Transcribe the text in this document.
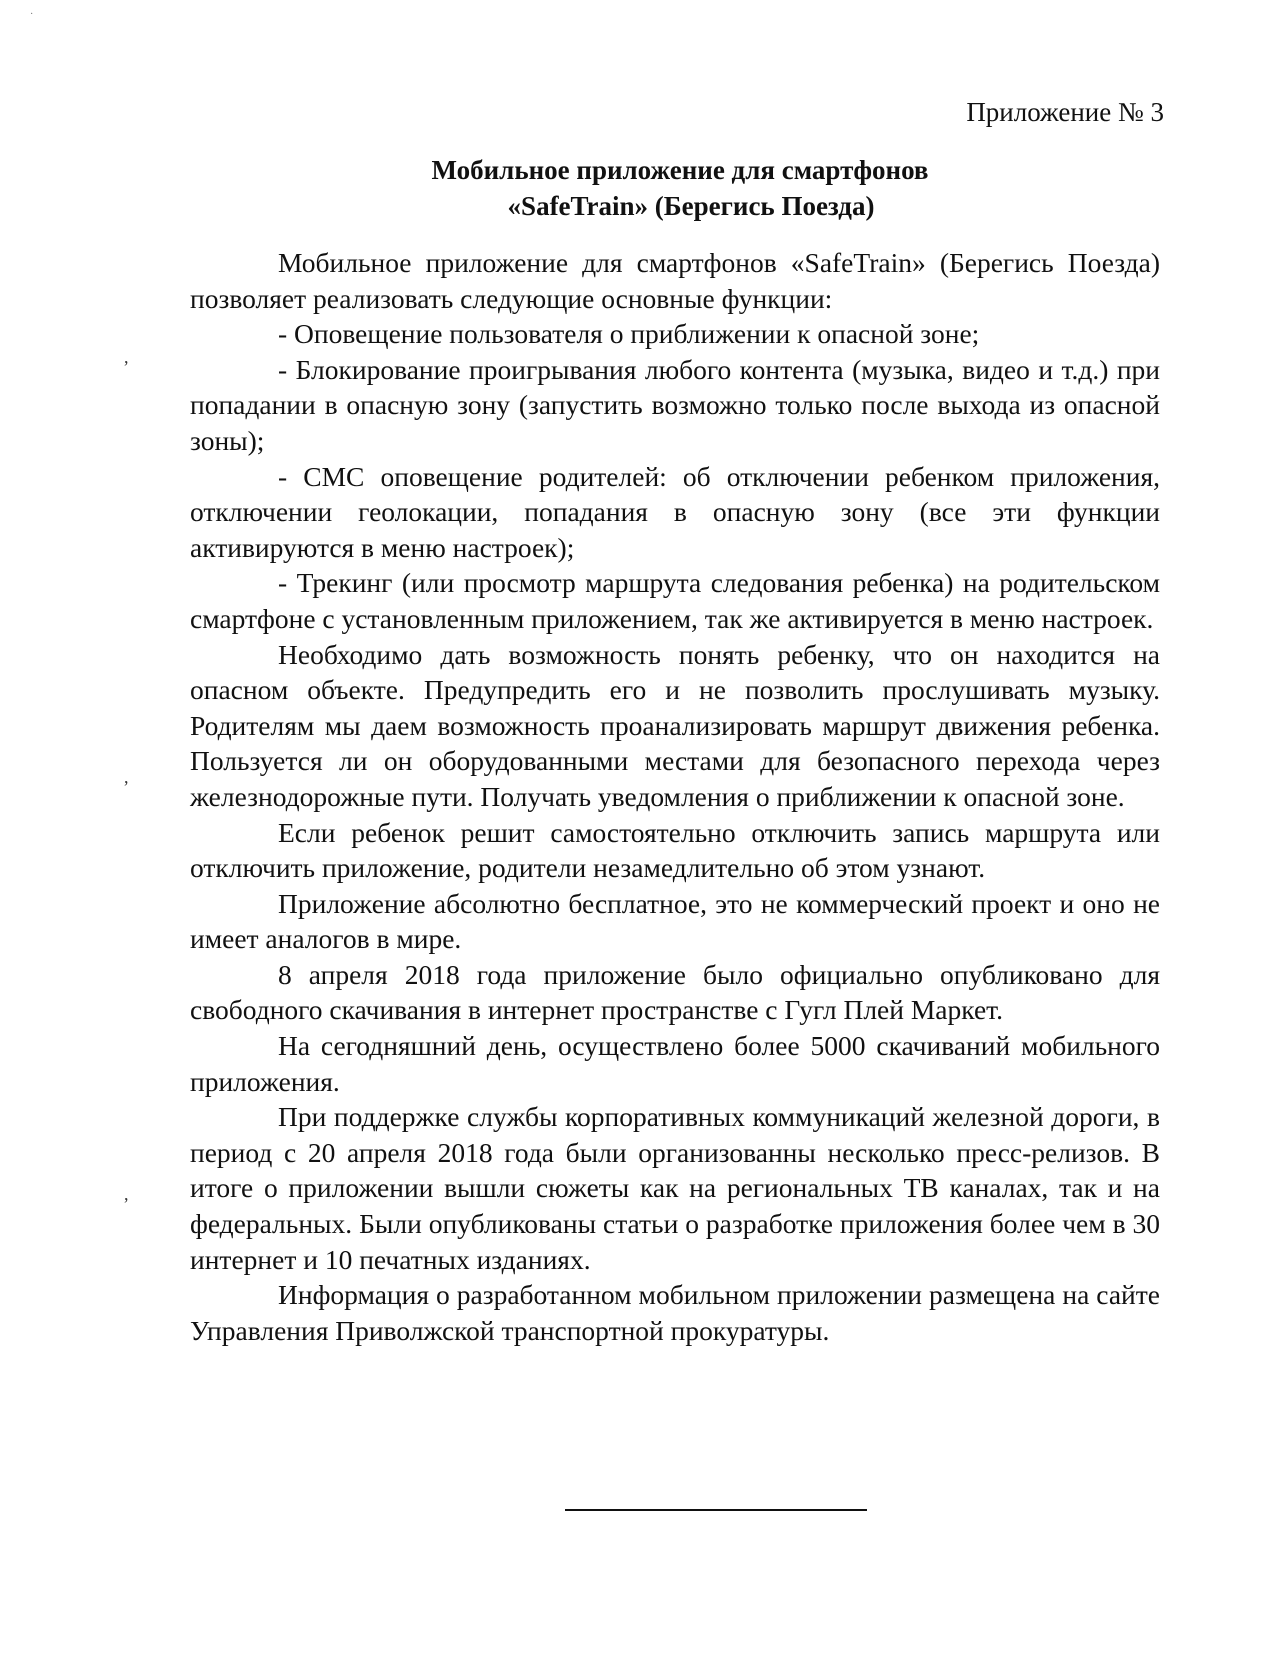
·
Приложение № 3
Мобильное приложение для смартфонов
«SafeTrain» (Берегись Поезда)

Мобильное приложение для смартфонов «SafeTrain» (Берегись Поезда) позволяет реализовать следующие основные функции:

- Оповещение пользователя о приближении к опасной зоне;

- Блокирование проигрывания любого контента (музыка, видео и т.д.) при попадании в опасную зону (запустить возможно только после выхода из опасной зоны);

- СМС оповещение родителей: об отключении ребенком приложения, отключении геолокации, попадания в опасную зону (все эти функции активируются в меню настроек);

- Трекинг (или просмотр маршрута следования ребенка) на родительском смартфоне с установленным приложением, так же активируется в меню настроек.

Необходимо дать возможность понять ребенку, что он находится на опасном объекте. Предупредить его и не позволить прослушивать музыку. Родителям мы даем возможность проанализировать маршрут движения ребенка. Пользуется ли он оборудованными местами для безопасного перехода через железнодорожные пути. Получать уведомления о приближении к опасной зоне.

Если ребенок решит самостоятельно отключить запись маршрута или отключить приложение, родители незамедлительно об этом узнают.

Приложение абсолютно бесплатное, это не коммерческий проект и оно не имеет аналогов в мире.

8 апреля 2018 года приложение было официально опубликовано для свободного скачивания в интернет пространстве с Гугл Плей Маркет.

На сегодняшний день, осуществлено более 5000 скачиваний мобильного приложения.

При поддержке службы корпоративных коммуникаций железной дороги, в период с 20 апреля 2018 года были организованны несколько пресс-релизов. В итоге о приложении вышли сюжеты как на региональных ТВ каналах, так и на федеральных. Были опубликованы статьи о разработке приложения более чем в 30 интернет и 10 печатных изданиях.

Информация о разработанном мобильном приложении размещена на сайте Управления Приволжской транспортной прокуратуры.

,
,
,
